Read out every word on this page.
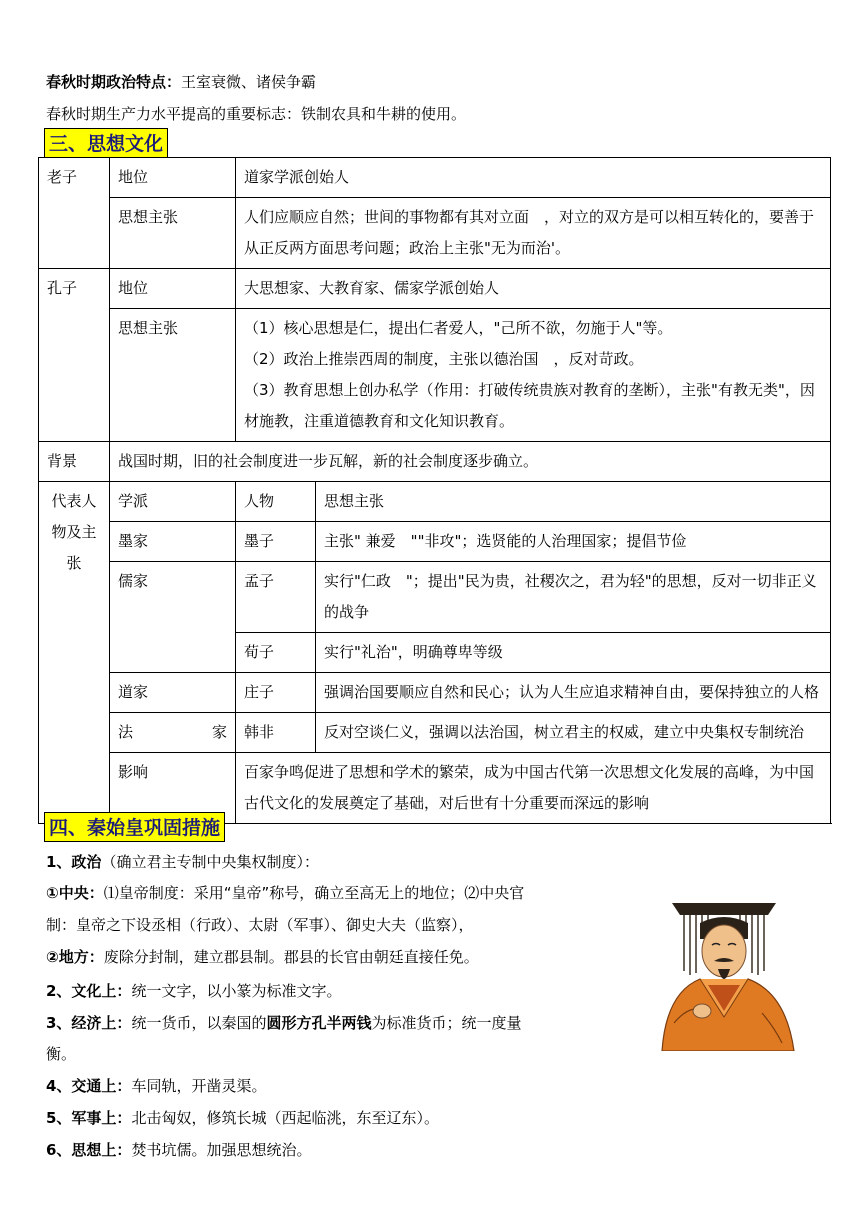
春秋时期政治特点：王室衰微、诸侯争霸
春秋时期生产力水平提高的重要标志：铁制农具和牛耕的使用。
三、思想文化
老子	地位	道家学派创始人	
	思想主张	人们应顺应自然；世间的事物都有其对立面　，对立的双方是可以相互转化的，要善于从正反两方面思考问题；政治上主张"无为而治'。	
孔子	地位	大思想家、大教育家、儒家学派创始人	
	思想主张	（1）核心思想是仁，提出仁者爱人，"己所不欲，勿施于人"等。
（2）政治上推崇西周的制度，主张以德治国　，反对苛政。
（3）教育思想上创办私学（作用：打破传统贵族对教育的垄断），主张"有教无类"，因材施教，注重道德教育和文化知识教育。	

背景	战国时期，旧的社会制度进一步瓦解，新的社会制度逐步确立。		
代表人物及主张	学派	人物	思想主张
	墨家	墨子	主张" 兼爱　""非攻"；选贤能的人治理国家；提倡节俭
	儒家	孟子	实行"仁政　"；提出"民为贵，社稷次之，君为轻"的思想，反对一切非正义的战争
		荀子	实行"礼治"，明确尊卑等级
	道家	庄子	强调治国要顺应自然和民心；认为人生应追求精神自由，要保持独立的人格

	法 家	韩非	反对空谈仁义，强调以法治国，树立君主的权威，建立中央集权专制统治
	影响	百家争鸣促进了思想和学术的繁荣，成为中国古代第一次思想文化发展的高峰，为中国古代文化的发展奠定了基础，对后世有十分重要而深远的影响	
四、秦始皇巩固措施
1、政治（确立君主专制中央集权制度）：
①中央：⑴皇帝制度：采用“皇帝”称号，确立至高无上的地位；⑵中央官
制：皇帝之下设丞相（行政）、太尉（军事）、御史大夫（监察），
②地方：废除分封制，建立郡县制。郡县的长官由朝廷直接任免。
2、文化上：统一文字，以小篆为标准文字。
3、经济上：统一货币，以秦国的圆形方孔半两钱为标准货币；统一度量
衡。
4、交通上：车同轨，开凿灵渠。
5、军事上：北击匈奴，修筑长城（西起临洮，东至辽东）。
6、思想上：焚书坑儒。加强思想统治。
